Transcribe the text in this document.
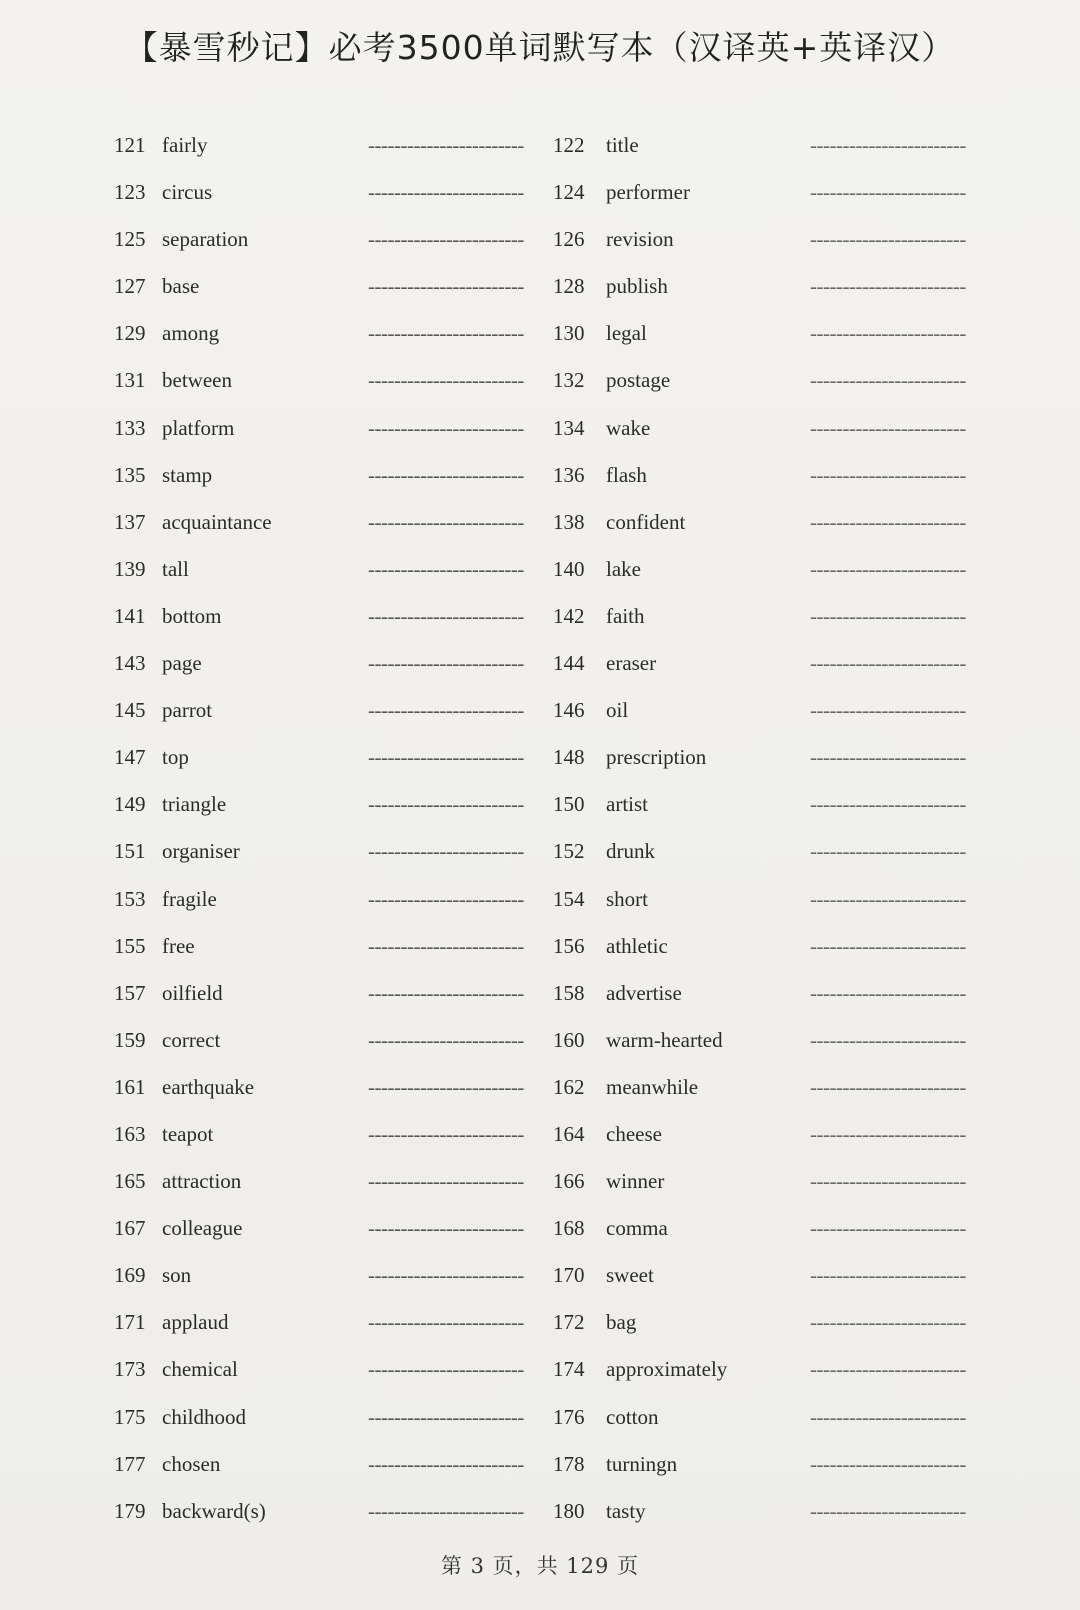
【暴雪秒记】必考3500单词默写本（汉译英+英译汉）
121 fairly	------------------------	122	title	------------------------
123 circus	------------------------	124	performer	------------------------
125 separation	------------------------	126	revision	------------------------
127 base	------------------------	128	publish	------------------------
129 among	------------------------	130	legal	------------------------
131 between	------------------------	132	postage	------------------------
133 platform	------------------------	134	wake	------------------------
135 stamp	------------------------	136	flash	------------------------
137 acquaintance	------------------------	138	confident	------------------------
139 tall	------------------------	140	lake	------------------------
141 bottom	------------------------	142	faith	------------------------
143 page	------------------------	144	eraser	------------------------
145 parrot	------------------------	146	oil	------------------------
147 top	------------------------	148	prescription	------------------------
149 triangle	------------------------	150	artist	------------------------
151 organiser	------------------------	152	drunk	------------------------
153 fragile	------------------------	154	short	------------------------
155 free	------------------------	156	athletic	------------------------
157 oilfield	------------------------	158	advertise	------------------------
159 correct	------------------------	160	warm-hearted	------------------------
161 earthquake	------------------------	162	meanwhile	------------------------
163 teapot	------------------------	164	cheese	------------------------
165 attraction	------------------------	166	winner	------------------------
167 colleague	------------------------	168	comma	------------------------
169 son	------------------------	170	sweet	------------------------
171 applaud	------------------------	172	bag	------------------------
173 chemical	------------------------	174	approximately	------------------------
175 childhood	------------------------	176	cotton	------------------------
177 chosen	------------------------	178	turningn	------------------------
179 backward(s)	------------------------	180	tasty	------------------------
第 3 页，共 129 页
